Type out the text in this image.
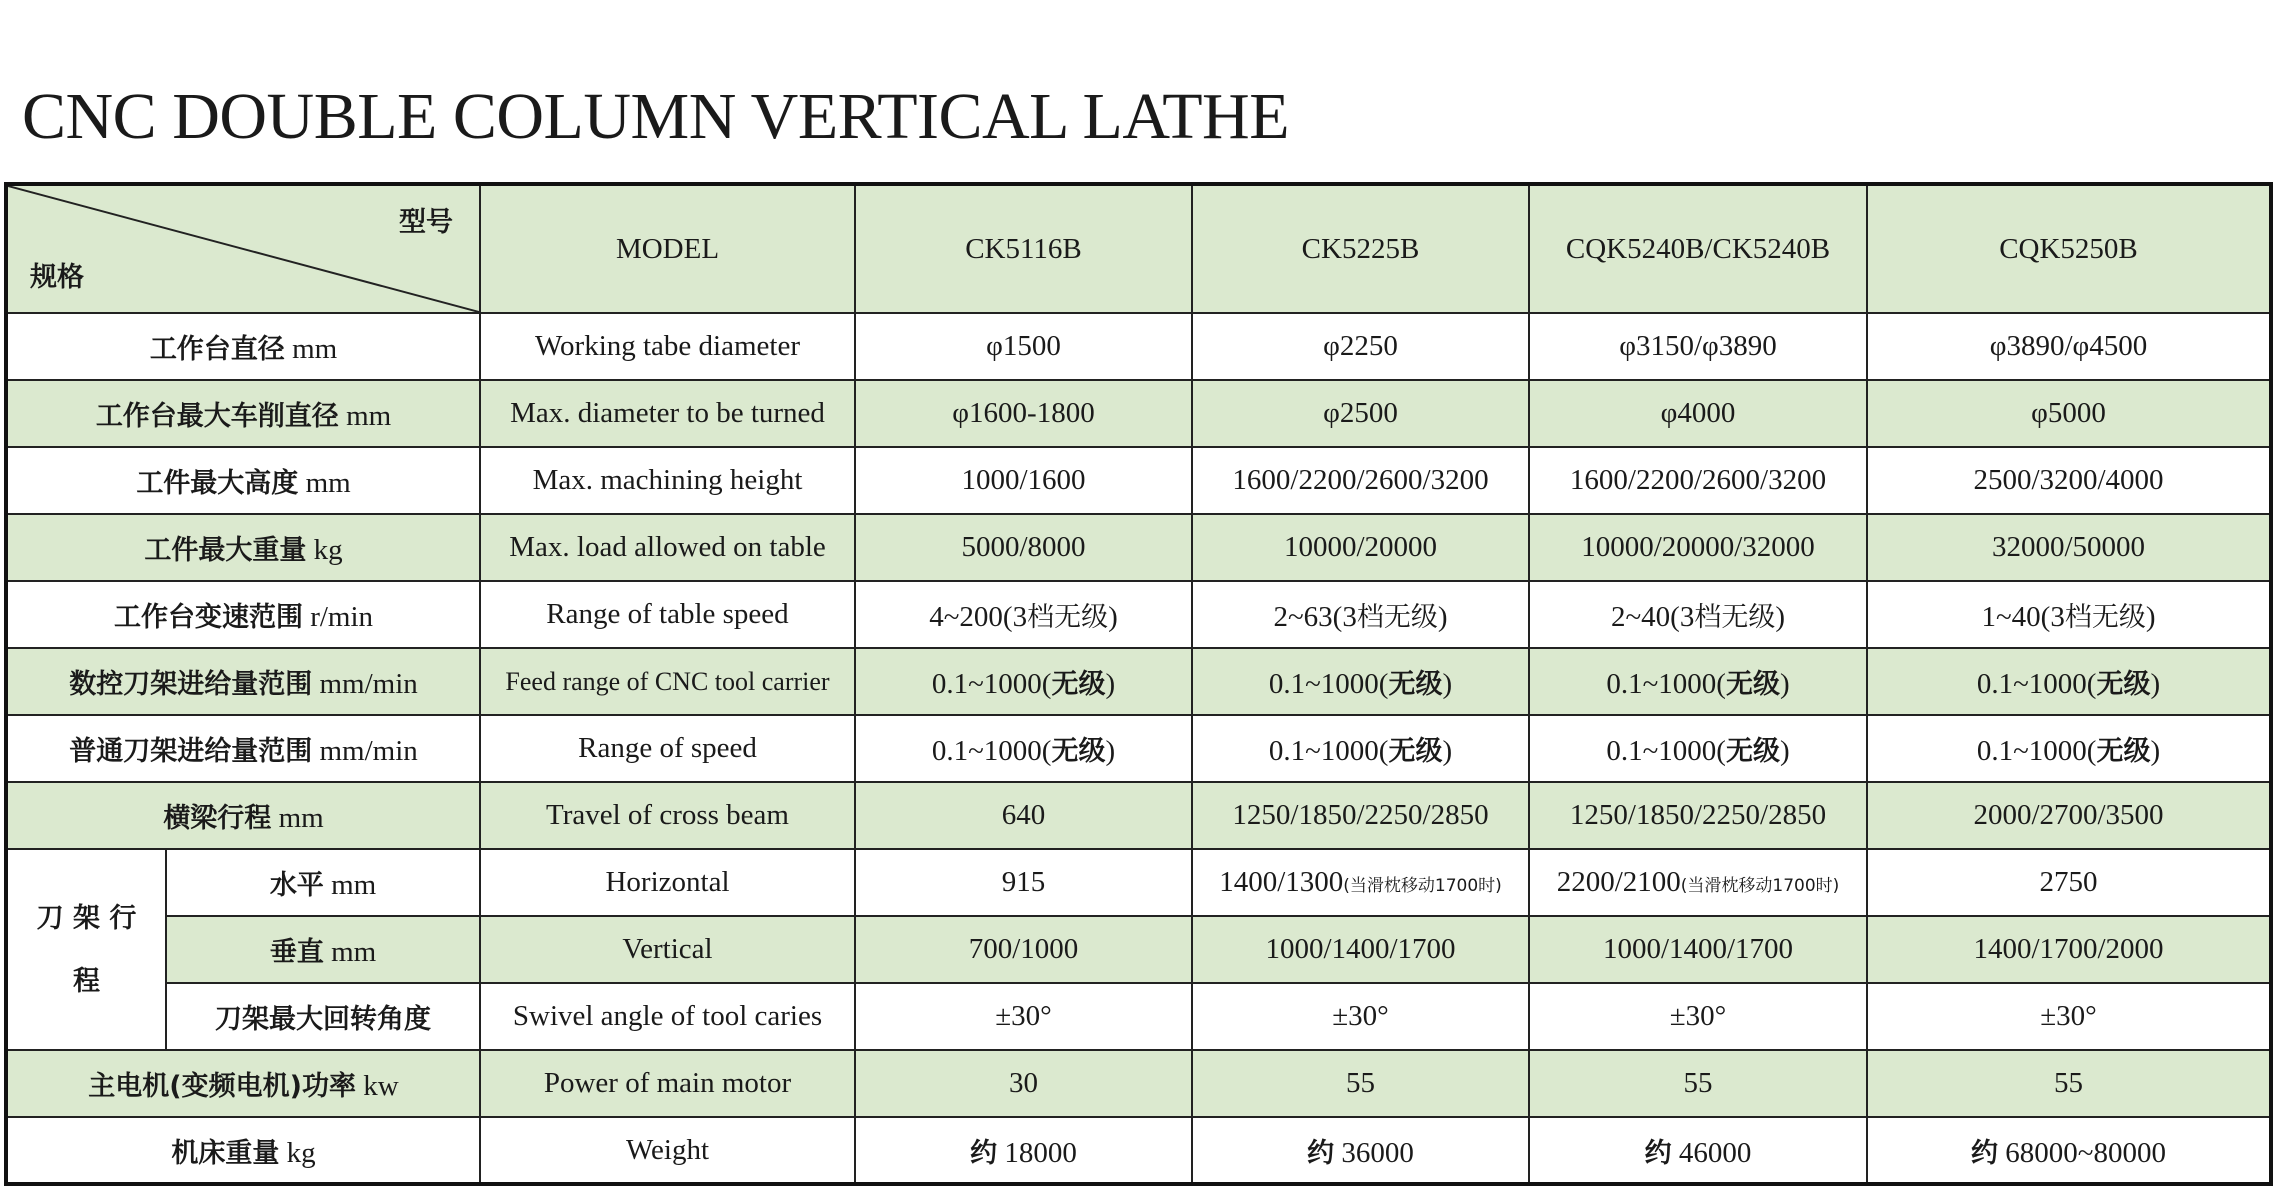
CNC DOUBLE COLUMN VERTICAL LATHE
型号
规格		MODEL	CK5116B	CK5225B	CQK5240B/CK5240B	CQK5250B
工作台直径 mm		Working tabe diameter	φ1500	φ2250	φ3150/φ3890	φ3890/φ4500
工作台最大车削直径 mm		Max. diameter to be turned	φ1600-1800	φ2500	φ4000	φ5000
工件最大高度 mm		Max. machining height	1000/1600	1600/2200/2600/3200	1600/2200/2600/3200	2500/3200/4000
工件最大重量 kg		Max. load allowed on table	5000/8000	10000/20000	10000/20000/32000	32000/50000
工作台变速范围 r/min		Range of table speed	4~200(3档无级)	2~63(3档无级)	2~40(3档无级)	1~40(3档无级)
数控刀架进给量范围 mm/min		Feed range of CNC tool carrier	0.1~1000(无级)	0.1~1000(无级)	0.1~1000(无级)	0.1~1000(无级)
普通刀架进给量范围 mm/min		Range of speed	0.1~1000(无级)	0.1~1000(无级)	0.1~1000(无级)	0.1~1000(无级)
横梁行程 mm		Travel of cross beam	640	1250/1850/2250/2850	1250/1850/2250/2850	2000/2700/3500
刀 架 行
程	水平 mm	Horizontal	915	1400/1300(当滑枕移动1700时)	2200/2100(当滑枕移动1700时)	2750
	垂直 mm	Vertical	700/1000	1000/1400/1700	1000/1400/1700	1400/1700/2000
	刀架最大回转角度	Swivel angle of tool caries	±30°	±30°	±30°	±30°
主电机(变频电机)功率 kw		Power of main motor	30	55	55	55
机床重量 kg		Weight	约 18000	约 36000	约 46000	约 68000~80000
